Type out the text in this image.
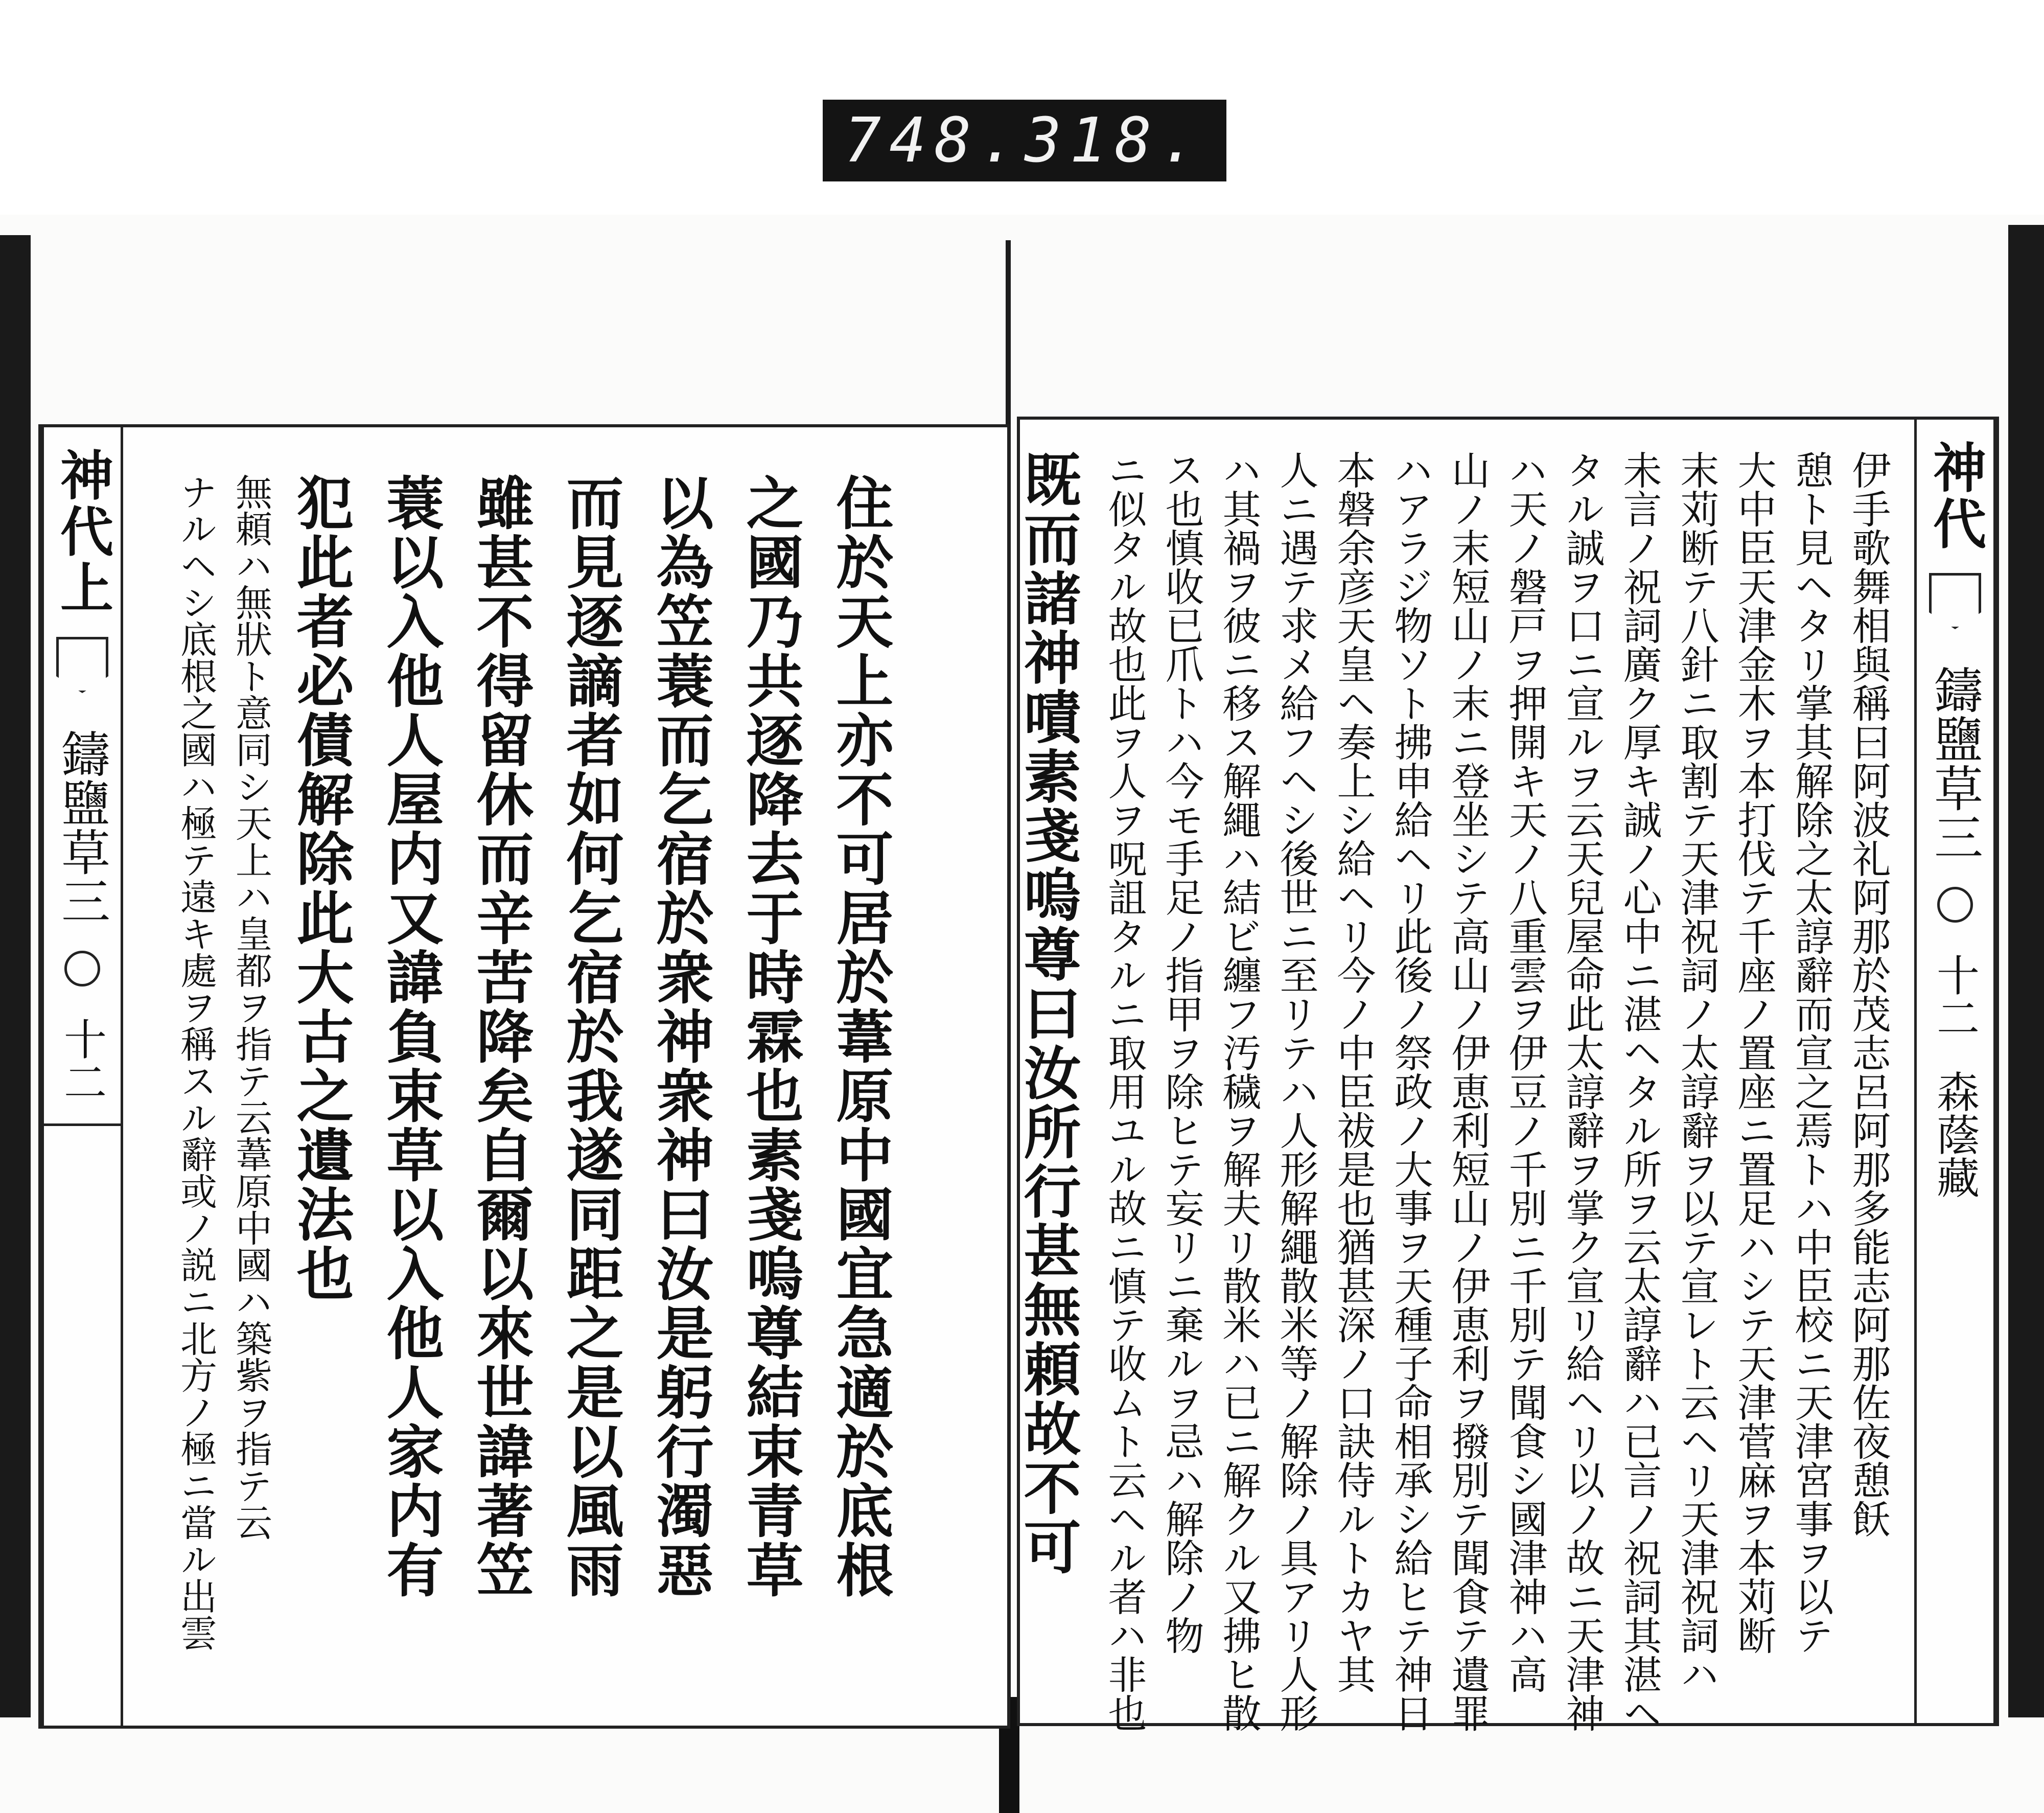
748.318.
神代上
鑄鹽草三
十二	住於天上亦不可居於葦原中國宜急適於底根

之國乃共逐降去于時霖也素戔嗚尊結束青草

以為笠蓑而乞宿於衆神衆神曰汝是躬行濁惡

而見逐謫者如何乞宿於我遂同距之是以風雨

雖甚不得留休而辛苦降矣自爾以來世諱著笠

蓑以入他人屋内又諱負束草以入他人家内有

犯此者必債解除此大古之遺法也

無頼ハ無狀ト意同シ天上ハ皇都ヲ指テ云葦原中國ハ築紫ヲ指テ云

ナルヘシ底根之國ハ極テ遠キ處ヲ稱スル辭或ノ説ニ北方ノ極ニ當ル出雲	神代
鑄鹽草三
十二
森蔭藏

伊手歌舞相與稱曰阿波礼阿那於茂志呂阿那多能志阿那佐夜憩飫

憩ト見ヘタリ掌其解除之太諄辭而宣之焉トハ中臣校ニ天津宮事ヲ以テ

大中臣天津金木ヲ本打伐テ千座ノ置座ニ置足ハシテ天津菅麻ヲ本苅断

末苅断テ八針ニ取割テ天津祝詞ノ太諄辭ヲ以テ宣レト云ヘリ天津祝詞ハ

未言ノ祝詞廣ク厚キ誠ノ心中ニ湛ヘタル所ヲ云太諄辭ハ已言ノ祝詞其湛ヘ

タル誠ヲ口ニ宣ルヲ云天兒屋命此太諄辭ヲ掌ク宣リ給ヘリ以ノ故ニ天津神

ハ天ノ磐戸ヲ押開キ天ノ八重雲ヲ伊豆ノ千別ニ千別テ聞食シ國津神ハ高

山ノ末短山ノ末ニ登坐シテ高山ノ伊恵利短山ノ伊恵利ヲ撥別テ聞食テ遺罪

ハアラジ物ソト拂申給ヘリ此後ノ祭政ノ大事ヲ天種子命相承シ給ヒテ神日

本磐余彦天皇ヘ奏上シ給ヘリ今ノ中臣祓是也猶甚深ノ口訣侍ルトカヤ其

人ニ遇テ求メ給フヘシ後世ニ至リテハ人形解繩散米等ノ解除ノ具アリ人形

ハ其禍ヲ彼ニ移ス解繩ハ結ビ纏フ汚穢ヲ解夫リ散米ハ已ニ解クル又拂ヒ散

ス也慎收已爪トハ今モ手足ノ指甲ヲ除ヒテ妄リニ棄ルヲ忌ハ解除ノ物

ニ似タル故也此ヲ人ヲ呪詛タルニ取用ユル故ニ慎テ收ムト云ヘル者ハ非也

既而諸神嘖素戔嗚尊曰汝所行甚無頼故不可
